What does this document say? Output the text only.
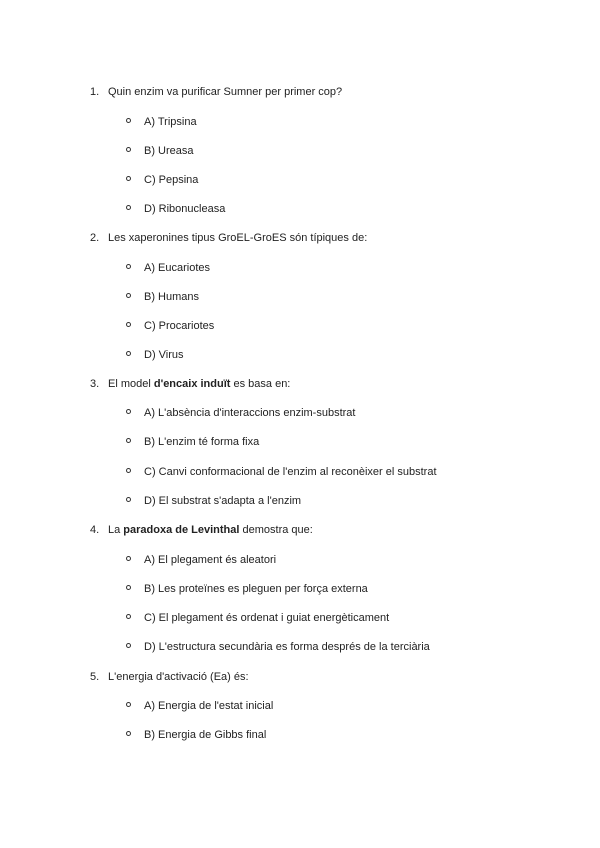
1. Quin enzim va purificar Sumner per primer cop?
A) Tripsina
B) Ureasa
C) Pepsina
D) Ribonucleasa
2. Les xaperonines tipus GroEL-GroES són típiques de:
A) Eucariotes
B) Humans
C) Procariotes
D) Virus
3. El model d'encaix induït es basa en:
A) L'absència d'interaccions enzim-substrat
B) L'enzim té forma fixa
C) Canvi conformacional de l'enzim al reconèixer el substrat
D) El substrat s'adapta a l'enzim
4. La paradoxa de Levinthal demostra que:
A) El plegament és aleatori
B) Les proteïnes es pleguen per força externa
C) El plegament és ordenat i guiat energèticament
D) L'estructura secundària es forma després de la terciària
5. L'energia d'activació (Ea) és:
A) Energia de l'estat inicial
B) Energia de Gibbs final
